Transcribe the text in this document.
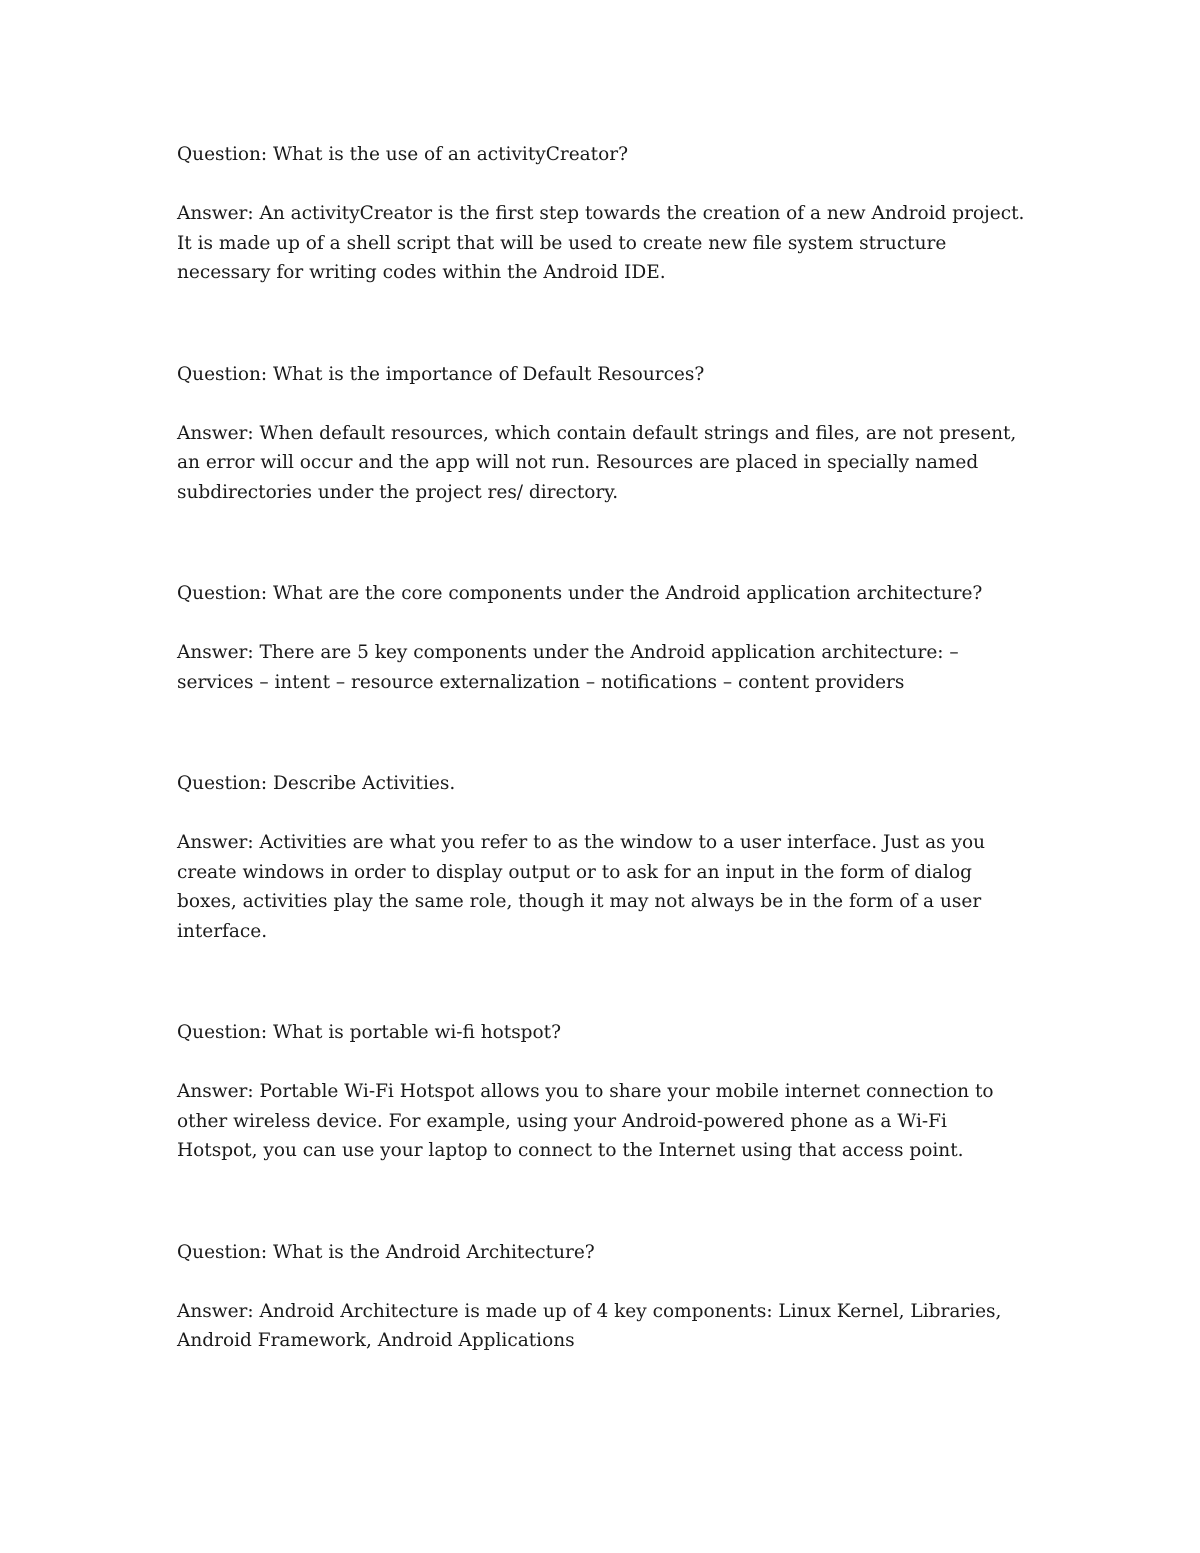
Question: What is the use of an activityCreator?

Answer: An activityCreator is the first step towards the creation of a new Android project. It is made up of a shell script that will be used to create new file system structure necessary for writing codes within the Android IDE.

Question: What is the importance of Default Resources?

Answer: When default resources, which contain default strings and files, are not present, an error will occur and the app will not run. Resources are placed in specially named subdirectories under the project res/ directory.

Question: What are the core components under the Android application architecture?

Answer: There are 5 key components under the Android application architecture: – services – intent – resource externalization – notifications – content providers

Question: Describe Activities.

Answer: Activities are what you refer to as the window to a user interface. Just as you create windows in order to display output or to ask for an input in the form of dialog boxes, activities play the same role, though it may not always be in the form of a user interface.

Question: What is portable wi-fi hotspot?

Answer: Portable Wi-Fi Hotspot allows you to share your mobile internet connection to other wireless device. For example, using your Android-powered phone as a Wi-Fi Hotspot, you can use your laptop to connect to the Internet using that access point.

Question: What is the Android Architecture?

Answer: Android Architecture is made up of 4 key components: Linux Kernel, Libraries, Android Framework, Android Applications
